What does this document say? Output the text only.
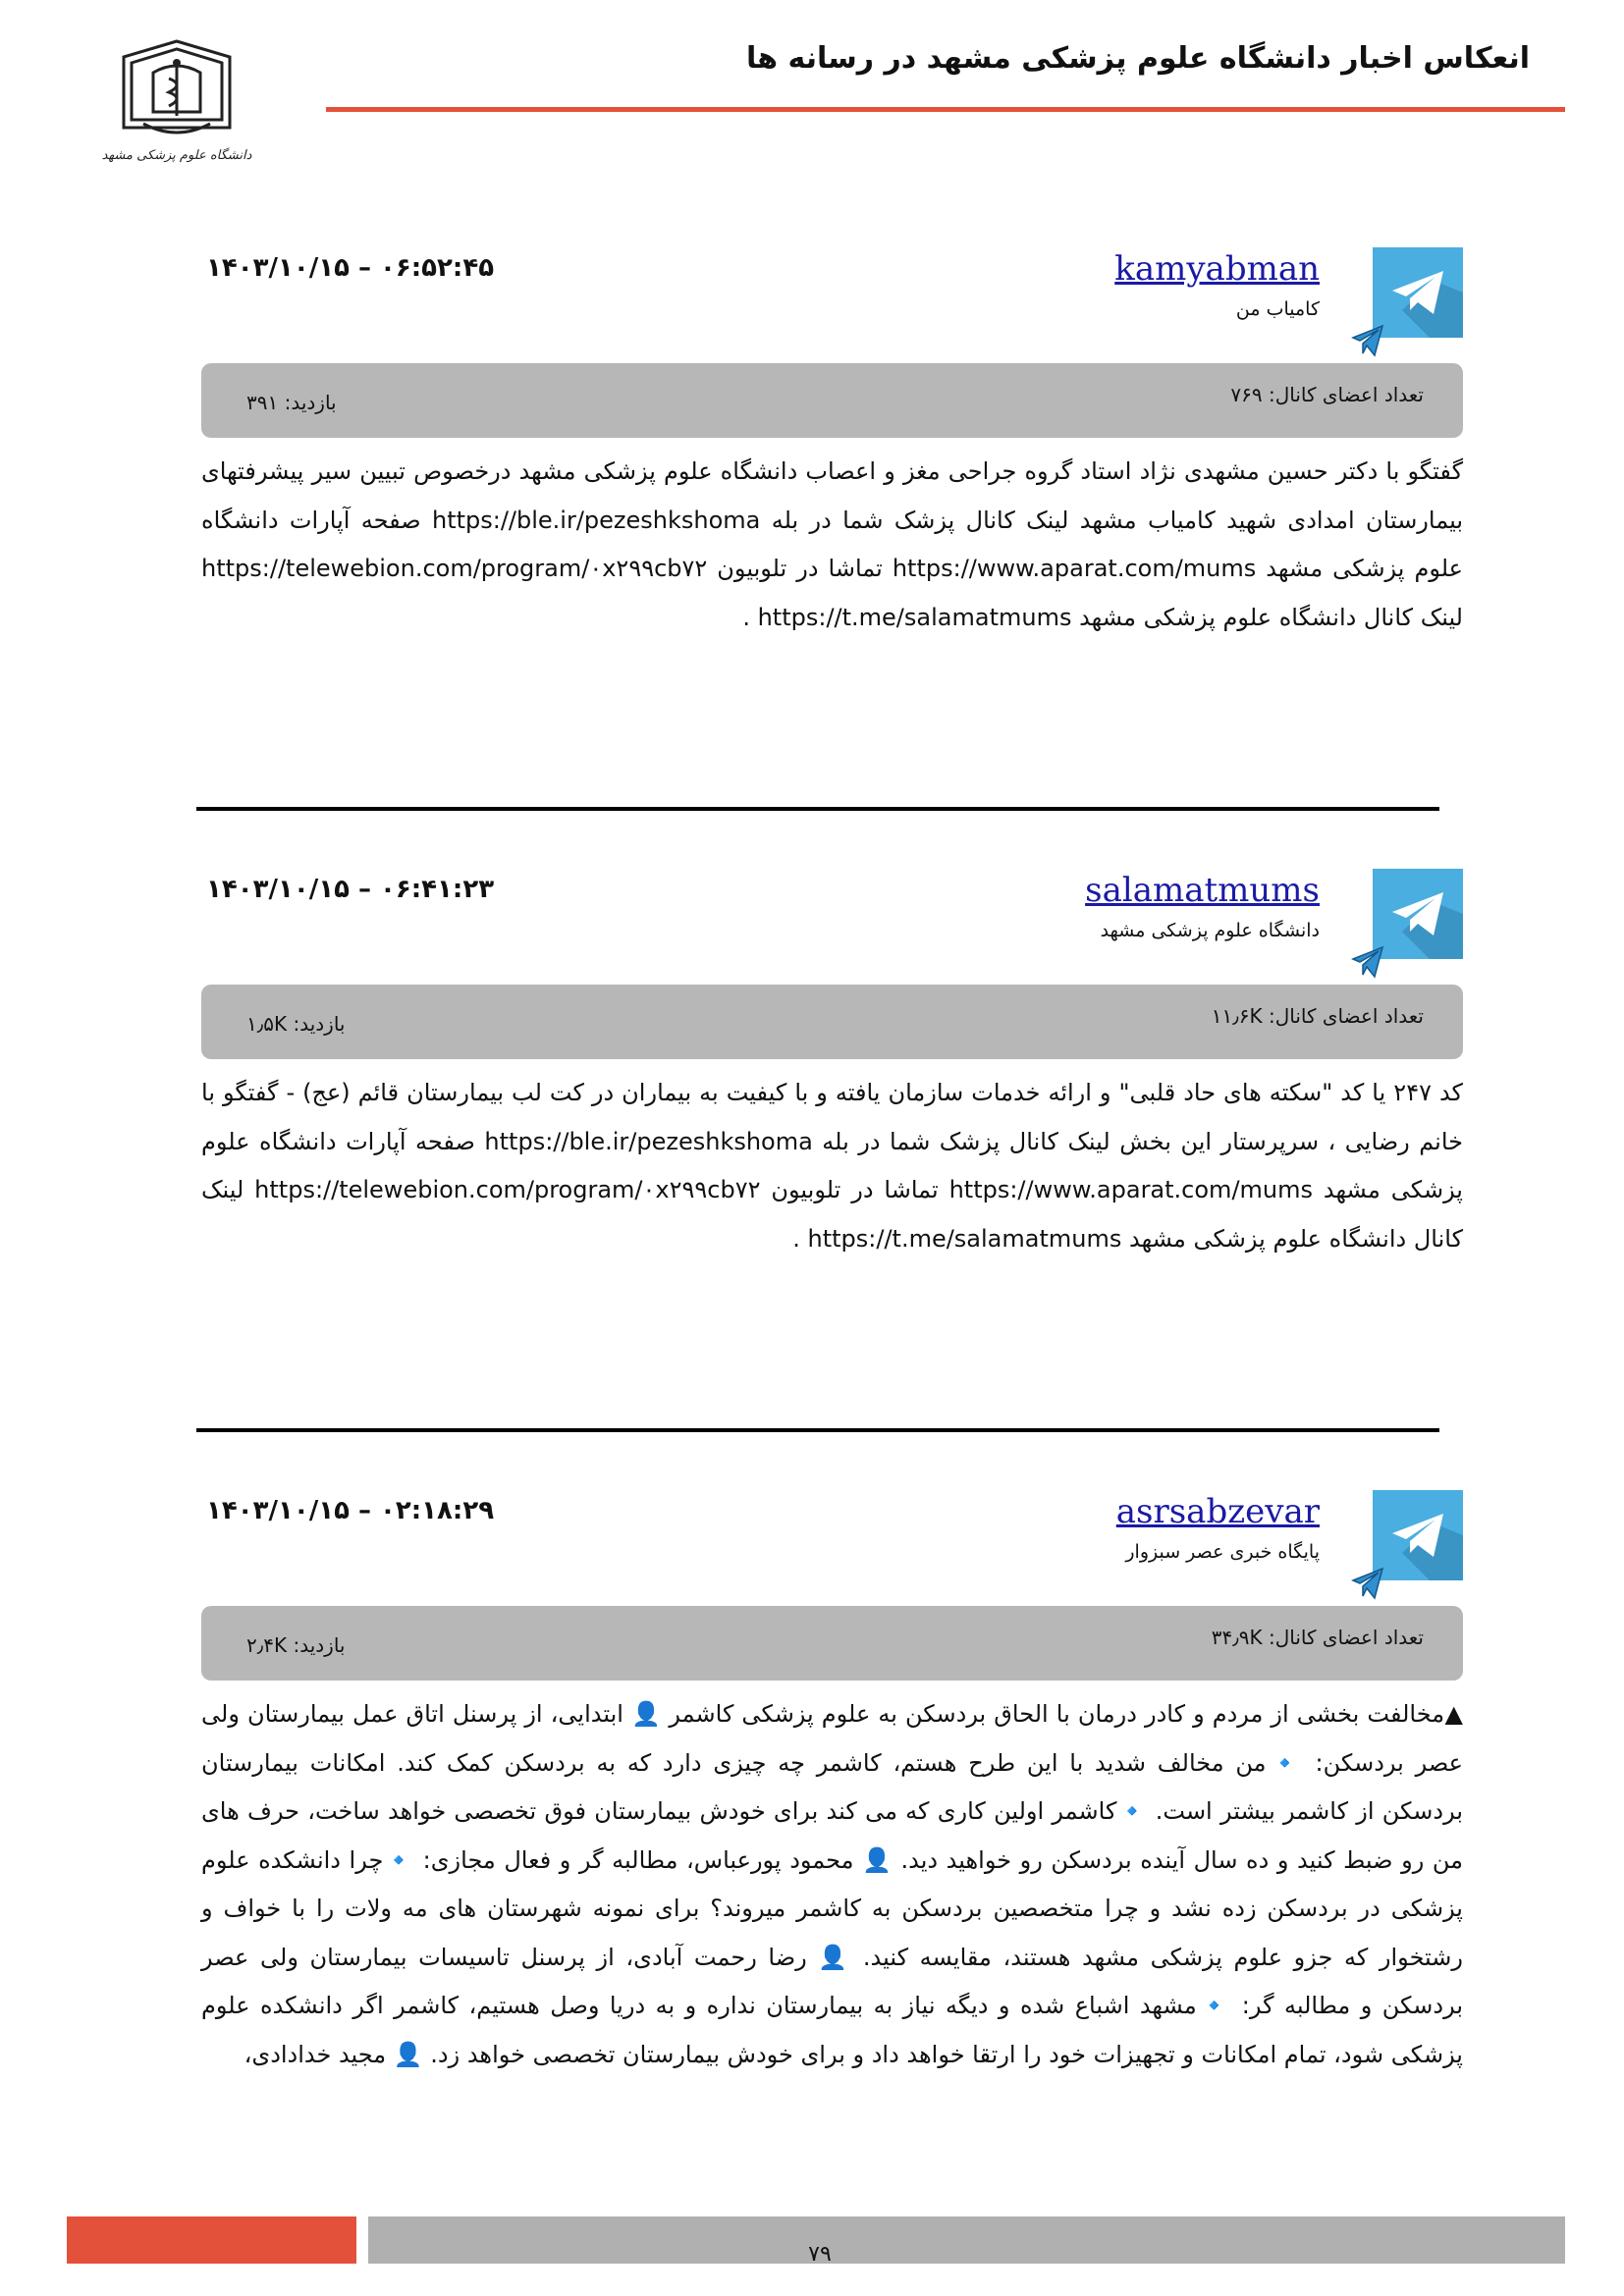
انعکاس اخبار دانشگاه علوم پزشکی مشهد در رسانه ها
دانشگاه علوم پزشکی مشهد
kamyabman
کامیاب من
۱۴۰۳/۱۰/۱۵ – ۰۶:۵۲:۴۵
تعداد اعضای کانال: ۷۶۹
بازدید: ۳۹۱

گفتگو با دکتر حسین مشهدی نژاد استاد گروه جراحی مغز و اعصاب دانشگاه علوم پزشکی مشهد درخصوص تبیین سیر پیشرفتهای بیمارستان امدادی شهید کامیاب مشهد لینک کانال پزشک شما در بله https://ble.ir/pezeshkshoma صفحه آپارات دانشگاه علوم پزشکی مشهد https://www.aparat.com/mums تماشا در تلوبیون https://telewebion.com/program/۰x۲۹۹cb۷۲ لینک کانال دانشگاه علوم پزشکی مشهد https://t.me/salamatmums .

salamatmums
دانشگاه علوم پزشکی مشهد
۱۴۰۳/۱۰/۱۵ – ۰۶:۴۱:۲۳
تعداد اعضای کانال: ۱۱٫۶K
بازدید: ۱٫۵K

کد ۲۴۷ یا کد "سکته های حاد قلبی" و ارائه خدمات سازمان یافته و با کیفیت به بیماران در کت لب بیمارستان قائم (عج) - گفتگو با خانم رضایی ، سرپرستار این بخش لینک کانال پزشک شما در بله https://ble.ir/pezeshkshoma صفحه آپارات دانشگاه علوم پزشکی مشهد https://www.aparat.com/mums تماشا در تلوبیون https://telewebion.com/program/۰x۲۹۹cb۷۲ لینک کانال دانشگاه علوم پزشکی مشهد https://t.me/salamatmums .

asrsabzevar
پایگاه خبری عصر سبزوار
۱۴۰۳/۱۰/۱۵ – ۰۲:۱۸:۲۹
تعداد اعضای کانال: ۳۴٫۹K
بازدید: ۲٫۴K

▲مخالفت بخشی از مردم و کادر درمان با الحاق بردسکن به علوم پزشکی کاشمر 👤 ابتدایی، از پرسنل اتاق عمل بیمارستان ولی عصر بردسکن: 🔹من مخالف شدید با این طرح هستم، کاشمر چه چیزی دارد که به بردسکن کمک کند. امکانات بیمارستان بردسکن از کاشمر بیشتر است. 🔹کاشمر اولین کاری که می کند برای خودش بیمارستان فوق تخصصی خواهد ساخت، حرف های من رو ضبط کنید و ده سال آینده بردسکن رو خواهید دید. 👤 محمود پورعباس، مطالبه گر و فعال مجازی: 🔹چرا دانشکده علوم پزشکی در بردسکن زده نشد و چرا متخصصین بردسکن به کاشمر میروند؟ برای نمونه شهرستان های مه ولات را با خواف و رشتخوار که جزو علوم پزشکی مشهد هستند، مقایسه کنید. 👤 رضا رحمت آبادی، از پرسنل تاسیسات بیمارستان ولی عصر بردسکن و مطالبه گر: 🔹مشهد اشباع شده و دیگه نیاز به بیمارستان نداره و به دریا وصل هستیم، کاشمر اگر دانشکده علوم پزشکی شود، تمام امکانات و تجهیزات خود را ارتقا خواهد داد و برای خودش بیمارستان تخصصی خواهد زد. 👤 مجید خدادادی،

۷۹
